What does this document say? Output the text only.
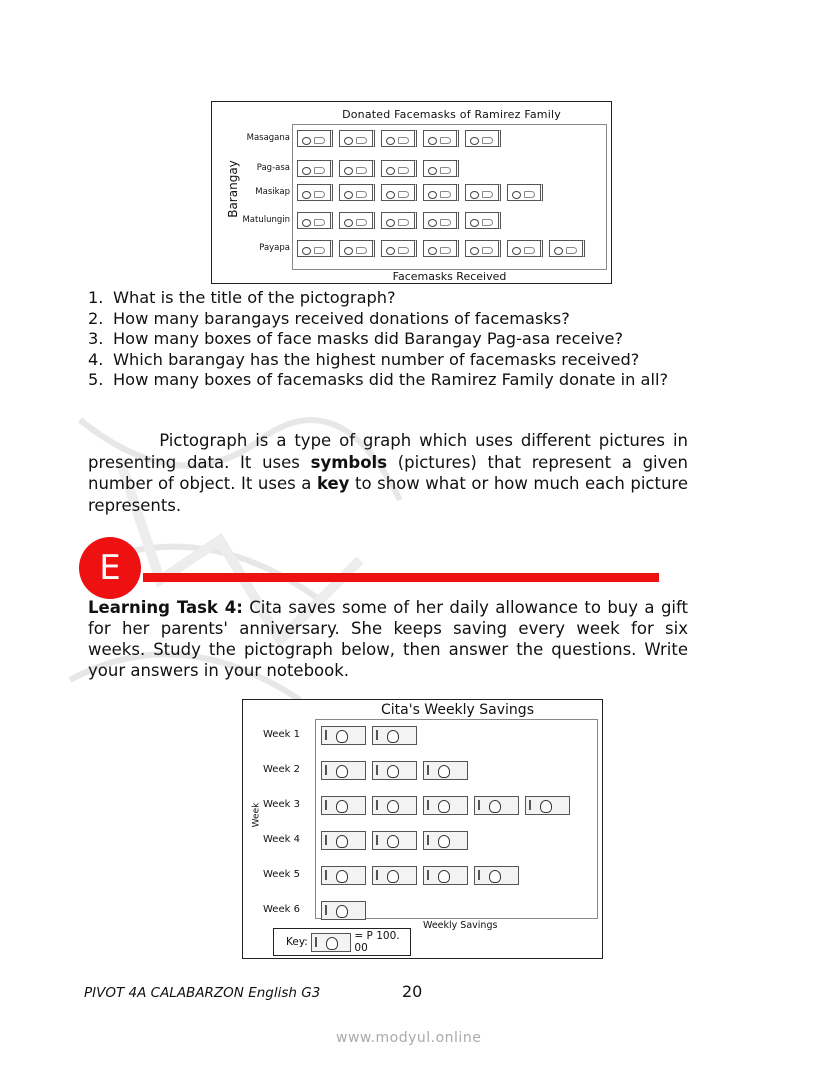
Donated Facemasks of Ramirez Family
Barangay
Masagana
Pag-asa
Masikap
Matulungin
Payapa
Facemasks Received
1. What is the title of the pictograph?
2. How many barangays received donations of facemasks?
3. How many boxes of face masks did Barangay Pag-asa receive?
4. Which barangay has the highest number of facemasks received?
5. How many boxes of facemasks did the Ramirez Family donate in all?

Pictograph is a type of graph which uses different pictures in presenting data. It uses symbols (pictures) that represent a given number of object. It uses a key to show what or how much each picture represents.

E

Learning Task 4: Cita saves some of her daily allowance to buy a gift for her parents' anniversary. She keeps saving every week for six weeks. Study the pictograph below, then answer the questions. Write your answers in your notebook.

Cita's Weekly Savings
Week
Week 1
Week 2
Week 3
Week 4
Week 5
Week 6
Weekly Savings
Key:	= P 100. 00
PIVOT 4A CALABARZON English G3	20
www.modyul.online
